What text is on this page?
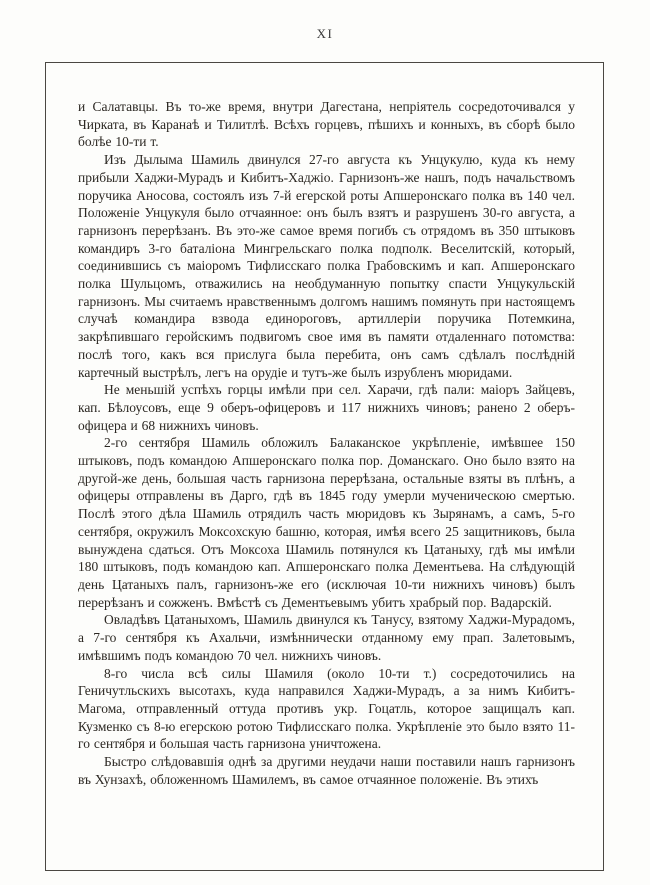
XI

и Салатавцы. Въ то-же время, внутри Дагестана, непріятель сосредоточивался у Чирката, въ Каранаѣ и Тилитлѣ. Всѣхъ горцевъ, пѣшихъ и конныхъ, въ сборѣ было болѣе 10-ти т.

Изъ Дылыма Шамиль двинулся 27-го августа къ Унцукулю, куда къ нему прибыли Хаджи-Мурадъ и Кибитъ-Хаджіо. Гарнизонъ-же нашъ, подъ начальствомъ поручика Аносова, состоялъ изъ 7-й егерской роты Апшеронскаго полка въ 140 чел. Положеніе Унцукуля было отчаянное: онъ былъ взятъ и разрушенъ 30-го августа, а гарнизонъ перерѣзанъ. Въ это-же самое время погибъ съ отрядомъ въ 350 штыковъ командиръ 3-го баталіона Мингрельскаго полка подполк. Веселитскій, который, соединившись съ маіоромъ Тифлисскаго полка Грабовскимъ и кап. Апшеронскаго полка Шульцомъ, отважились на необдуманную попытку спасти Унцукульскій гарнизонъ. Мы считаемъ нравственнымъ долгомъ нашимъ помянуть при настоящемъ случаѣ командира взвода единороговъ, артиллеріи поручика Потемкина, закрѣпившаго геройскимъ подвигомъ свое имя въ памяти отдаленнаго потомства: послѣ того, какъ вся прислуга была перебита, онъ самъ сдѣлалъ послѣдній картечный выстрѣлъ, легъ на орудіе и тутъ-же былъ изрубленъ мюридами.

Не меньшій успѣхъ горцы имѣли при сел. Харачи, гдѣ пали: маіоръ Зайцевъ, кап. Бѣлоусовъ, еще 9 оберъ-офицеровъ и 117 нижнихъ чиновъ; ранено 2 оберъ-офицера и 68 нижнихъ чиновъ.

2-го сентября Шамиль обложилъ Балаканское укрѣпленіе, имѣвшее 150 штыковъ, подъ командою Апшеронскаго полка пор. Доманскаго. Оно было взято на другой-же день, большая часть гарнизона перерѣзана, остальные взяты въ плѣнъ, а офицеры отправлены въ Дарго, гдѣ въ 1845 году умерли мученическою смертью. Послѣ этого дѣла Шамиль отрядилъ часть мюридовъ къ Зырянамъ, а самъ, 5-го сентября, окружилъ Моксохскую башню, которая, имѣя всего 25 защитниковъ, была вынуждена сдаться. Отъ Моксоха Шамиль потянулся къ Цатаныху, гдѣ мы имѣли 180 штыковъ, подъ командою кап. Апшеронскаго полка Дементьева. На слѣдующій день Цатаныхъ палъ, гарнизонъ-же его (исключая 10-ти нижнихъ чиновъ) былъ перерѣзанъ и сожженъ. Вмѣстѣ съ Дементьевымъ убитъ храбрый пор. Вадарскій.

Овладѣвъ Цатаныхомъ, Шамиль двинулся къ Танусу, взятому Хаджи-Мурадомъ, а 7-го сентября къ Ахальчи, измѣннически отданному ему прап. Залетовымъ, имѣвшимъ подъ командою 70 чел. нижнихъ чиновъ.

8-го числа всѣ силы Шамиля (около 10-ти т.) сосредоточились на Геничутльскихъ высотахъ, куда направился Хаджи-Мурадъ, а за нимъ Кибитъ-Магома, отправленный оттуда противъ укр. Гоцатль, которое защищалъ кап. Кузменко съ 8-ю егерскою ротою Тифлисскаго полка. Укрѣпленіе это было взято 11-го сентября и большая часть гарнизона уничтожена.

Быстро слѣдовавшія однѣ за другими неудачи наши поставили нашъ гарнизонъ въ Хунзахѣ, обложенномъ Шамилемъ, въ самое отчаянное положеніе. Въ этихъ
